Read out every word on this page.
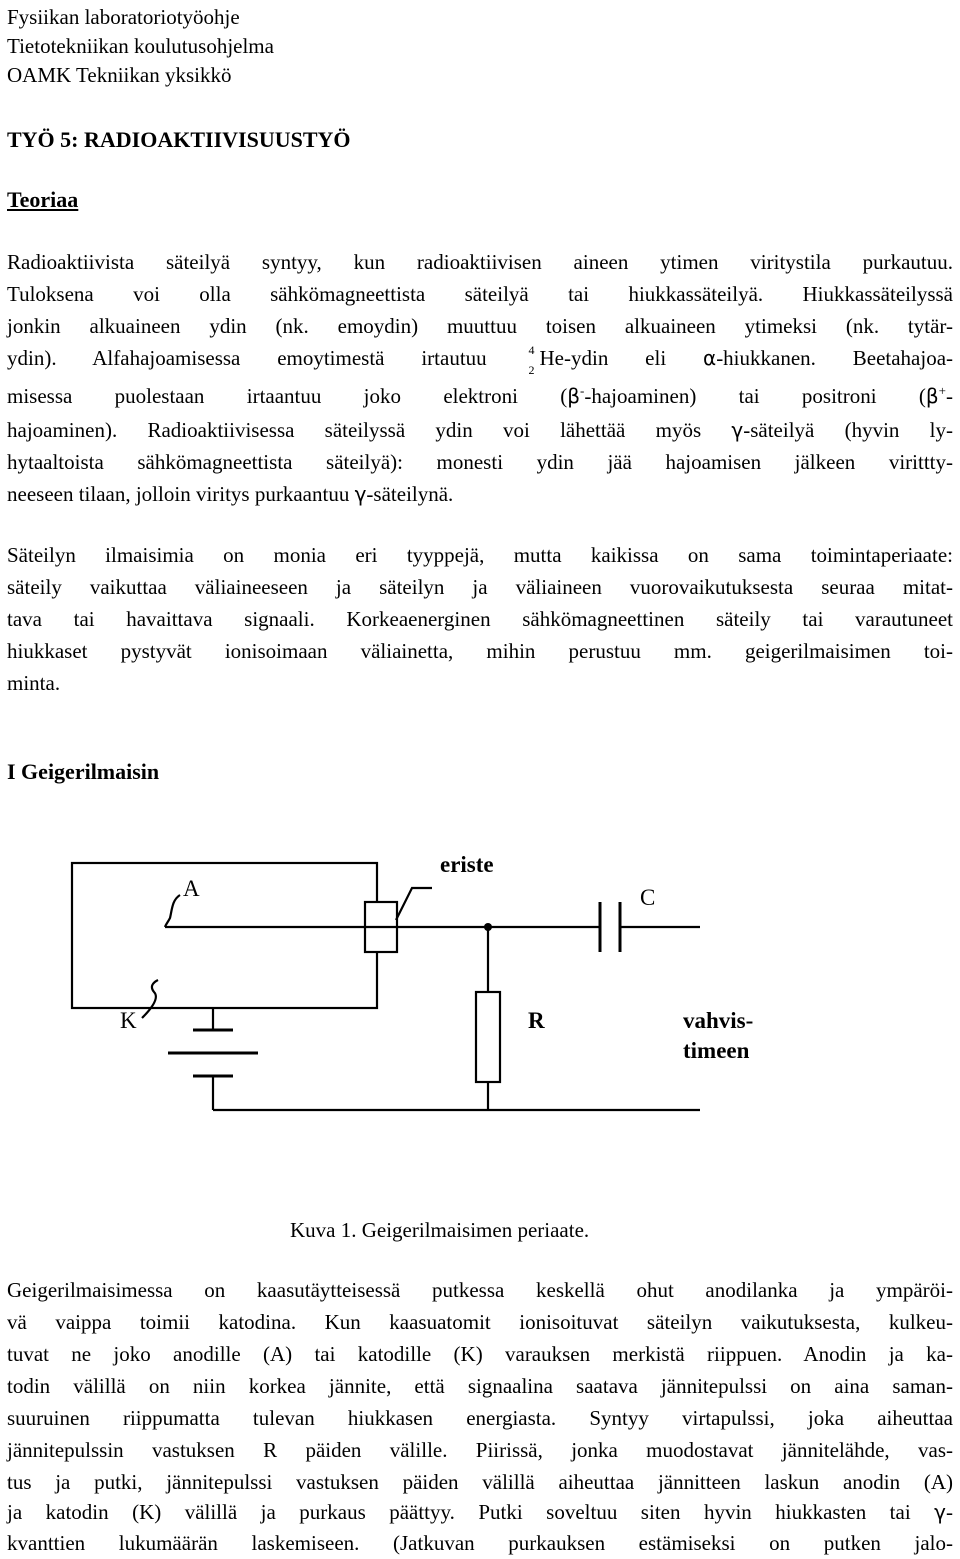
Fysiikan laboratoriotyöohje
Tietotekniikan koulutusohjelma
OAMK Tekniikan yksikkö
TYÖ 5: RADIOAKTIIVISUUSTYÖ
Teoriaa
Radioaktiivista säteilyä syntyy, kun radioaktiivisen aineen ytimen viritystila purkautuu.
Tuloksena voi olla sähkömagneettista säteilyä tai hiukkassäteilyä. Hiukkassäteilyssä
jonkin alkuaineen ydin (nk. emoydin) muuttuu toisen alkuaineen ytimeksi (nk. tytär-
ydin). Alfahajoamisessa emoytimestä irtautuu	4
2 He-ydin eli α-hiukkanen. Beetahajoa-
misessa puolestaan irtaantuu joko elektroni (β--hajoaminen) tai positroni (β+-
hajoaminen). Radioaktiivisessa säteilyssä ydin voi lähettää myös γ-säteilyä (hyvin ly-
hytaaltoista sähkömagneettista säteilyä): monesti ydin jää hajoamisen jälkeen virittty-
neeseen tilaan, jolloin viritys purkaantuu γ-säteilynä.
Säteilyn ilmaisimia on monia eri tyyppejä, mutta kaikissa on sama toimintaperiaate:
säteily vaikuttaa väliaineeseen ja säteilyn ja väliaineen vuorovaikutuksesta seuraa mitat-
tava tai havaittava signaali. Korkeaenerginen sähkömagneettinen säteily tai varautuneet
hiukkaset pystyvät ionisoimaan väliainetta, mihin perustuu mm. geigerilmaisimen toi-
minta.
I Geigerilmaisin
A
eriste
C
K	R	vahvis-
timeen
Kuva 1. Geigerilmaisimen periaate.
Geigerilmaisimessa on kaasutäytteisessä putkessa keskellä ohut anodilanka ja ympäröi-
vä vaippa toimii katodina. Kun kaasuatomit ionisoituvat säteilyn vaikutuksesta, kulkeu-
tuvat ne joko anodille (A) tai katodille (K) varauksen merkistä riippuen. Anodin ja ka-
todin välillä on niin korkea jännite, että signaalina saatava jännitepulssi on aina saman-
suuruinen riippumatta tulevan hiukkasen energiasta. Syntyy virtapulssi, joka aiheuttaa
jännitepulssin vastuksen R päiden välille. Piirissä, jonka muodostavat jännitelähde, vas-
tus ja putki, jännitepulssi vastuksen päiden välillä aiheuttaa jännitteen laskun anodin (A)
ja katodin (K) välillä ja purkaus päättyy. Putki soveltuu siten hyvin hiukkasten tai γ-
kvanttien lukumäärän laskemiseen. (Jatkuvan purkauksen estämiseksi on putken jalo-
